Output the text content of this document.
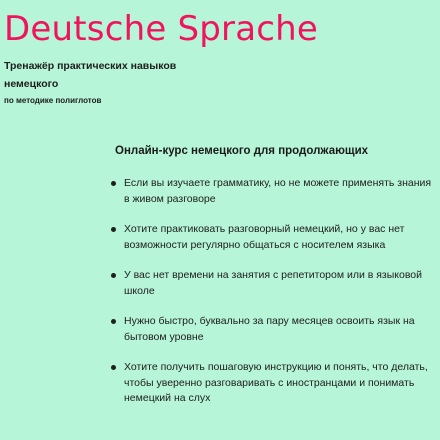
Deutsche Sprache
Тренажёр практических навыков
немецкого
по методике полиглотов
Онлайн-курс немецкого для продолжающих
Если вы изучаете грамматику, но не можете применять знания в живом разговоре
Хотите практиковать разговорный немецкий, но у вас нет возможности регулярно общаться с носителем языка
У вас нет времени на занятия с репетитором или в языковой школе
Нужно быстро, буквально за пару месяцев освоить язык на бытовом уровне
Хотите получить пошаговую инструкцию и понять, что делать, чтобы уверенно разговаривать с иностранцами и понимать немецкий на слух
